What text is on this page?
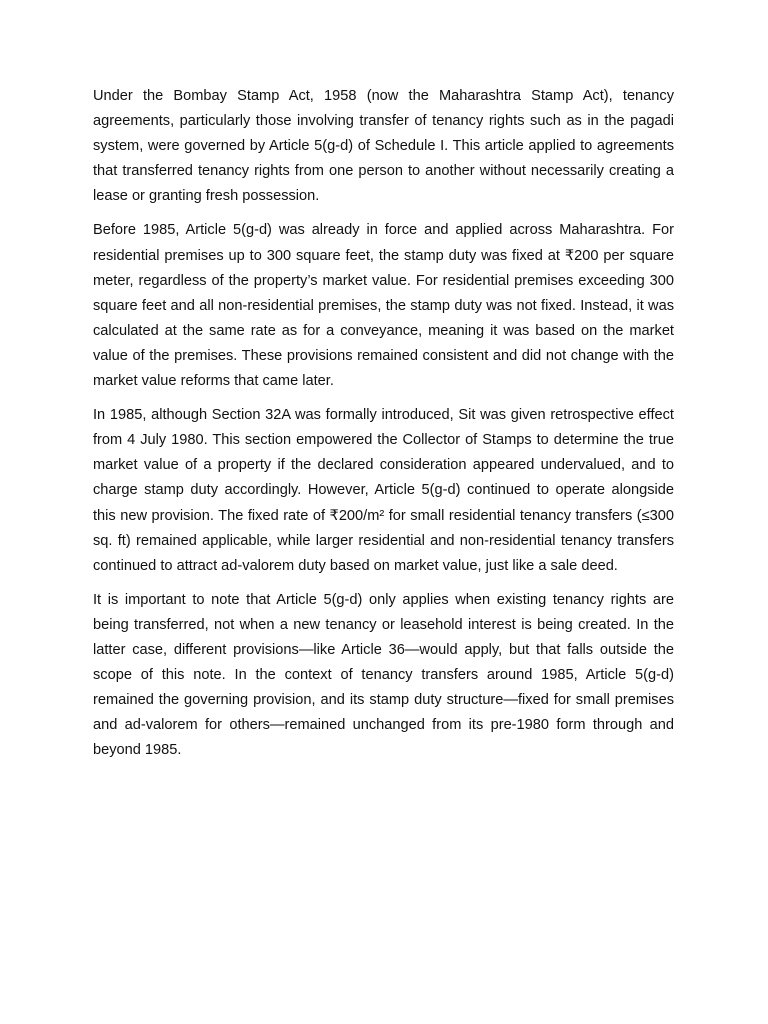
Under the Bombay Stamp Act, 1958 (now the Maharashtra Stamp Act), tenancy agreements, particularly those involving transfer of tenancy rights such as in the pagadi system, were governed by Article 5(g-d) of Schedule I. This article applied to agreements that transferred tenancy rights from one person to another without necessarily creating a lease or granting fresh possession.

Before 1985, Article 5(g-d) was already in force and applied across Maharashtra. For residential premises up to 300 square feet, the stamp duty was fixed at ₹200 per square meter, regardless of the property’s market value. For residential premises exceeding 300 square feet and all non-residential premises, the stamp duty was not fixed. Instead, it was calculated at the same rate as for a conveyance, meaning it was based on the market value of the premises. These provisions remained consistent and did not change with the market value reforms that came later.

In 1985, although Section 32A was formally introduced, Sit was given retrospective effect from 4 July 1980. This section empowered the Collector of Stamps to determine the true market value of a property if the declared consideration appeared undervalued, and to charge stamp duty accordingly. However, Article 5(g-d) continued to operate alongside this new provision. The fixed rate of ₹200/m² for small residential tenancy transfers (≤300 sq. ft) remained applicable, while larger residential and non-residential tenancy transfers continued to attract ad-valorem duty based on market value, just like a sale deed.

It is important to note that Article 5(g-d) only applies when existing tenancy rights are being transferred, not when a new tenancy or leasehold interest is being created. In the latter case, different provisions—like Article 36—would apply, but that falls outside the scope of this note. In the context of tenancy transfers around 1985, Article 5(g-d) remained the governing provision, and its stamp duty structure—fixed for small premises and ad-valorem for others—remained unchanged from its pre-1980 form through and beyond 1985.
